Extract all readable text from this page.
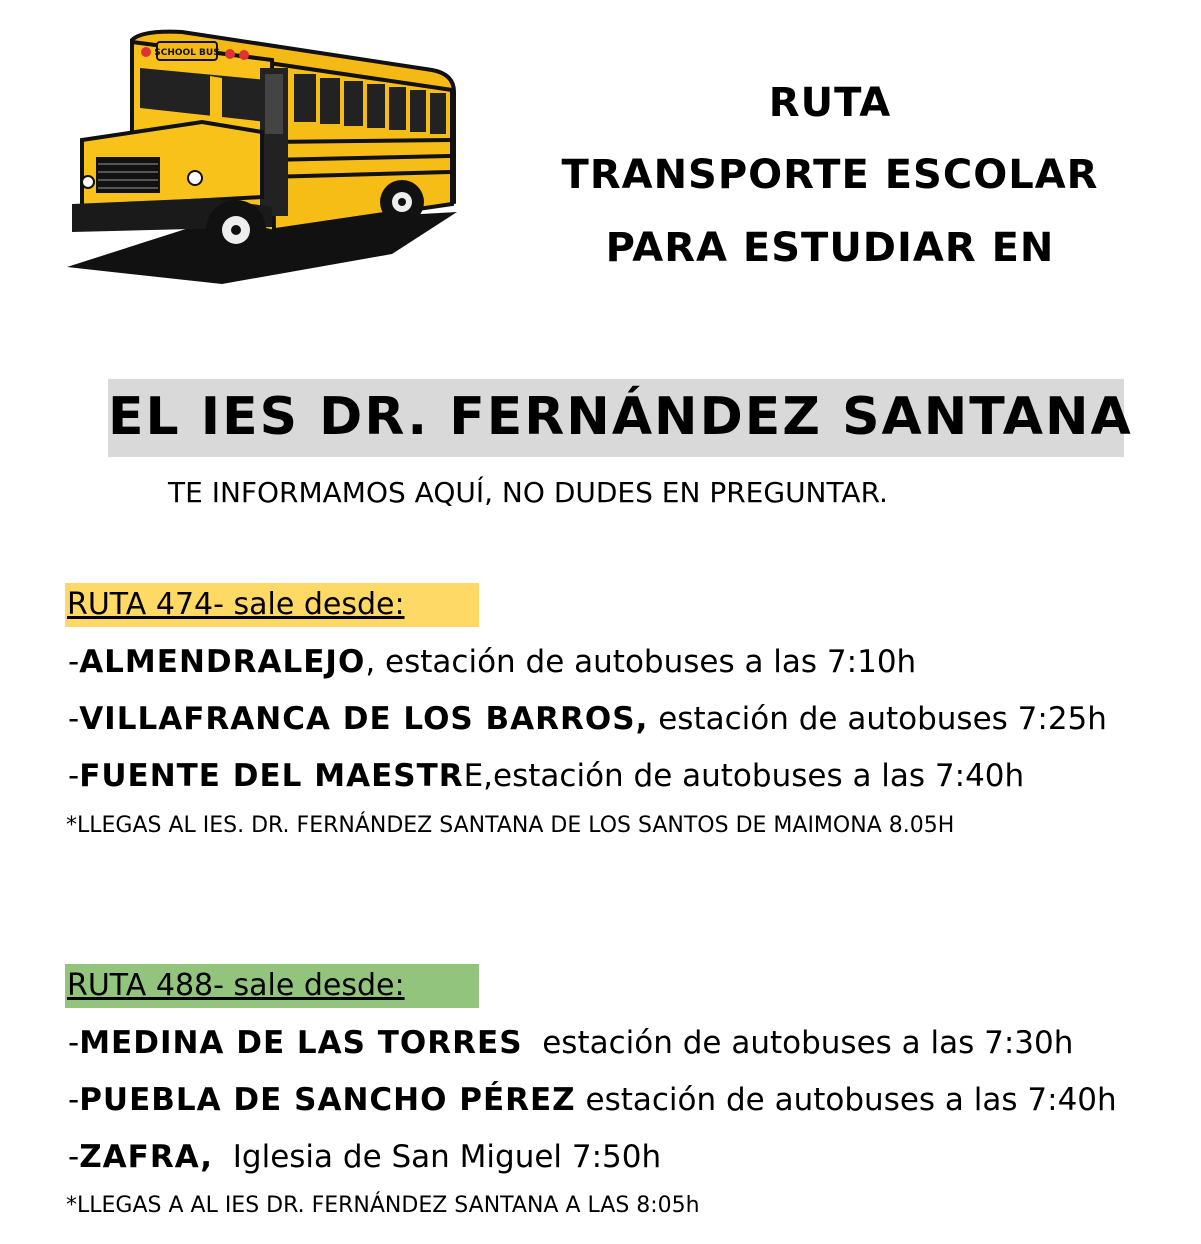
SCHOOL BUS
RUTA
TRANSPORTE ESCOLAR
PARA ESTUDIAR EN
EL IES DR. FERNÁNDEZ SANTANA
TE INFORMAMOS AQUÍ, NO DUDES EN PREGUNTAR.
RUTA 474- sale desde:
-ALMENDRALEJO, estación de autobuses a las 7:10h
-VILLAFRANCA DE LOS BARROS, estación de autobuses 7:25h
-FUENTE DEL MAESTRE,estación de autobuses a las 7:40h
*LLEGAS AL IES. DR. FERNÁNDEZ SANTANA DE LOS SANTOS DE MAIMONA 8.05H
RUTA 488- sale desde:
-MEDINA DE LAS TORRES  estación de autobuses a las 7:30h
-PUEBLA DE SANCHO PÉREZ estación de autobuses a las 7:40h
-ZAFRA,  Iglesia de San Miguel 7:50h
*LLEGAS A AL IES DR. FERNÁNDEZ SANTANA A LAS 8:05h
